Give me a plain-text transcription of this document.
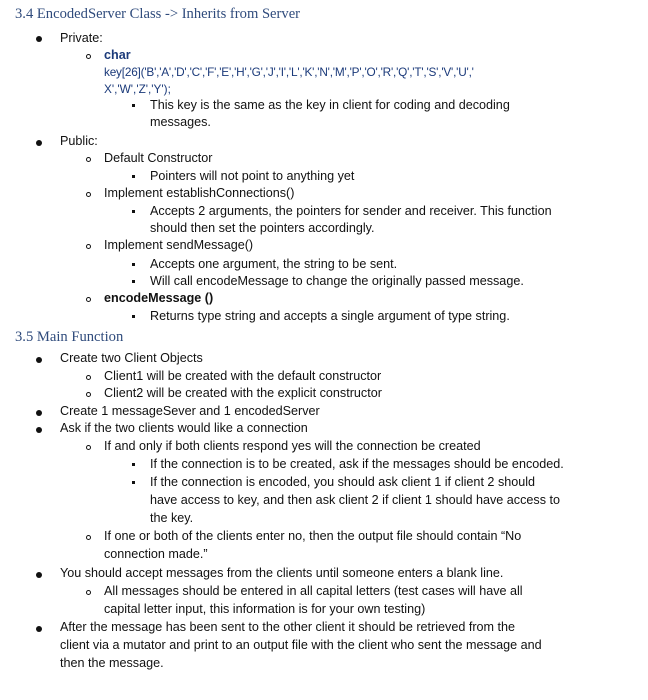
3.4 EncodedServer Class -> Inherits from Server
Private:
char
key[26]('B','A','D','C','F','E','H','G','J','I','L','K','N','M','P','O','R','Q','T','S','V','U','
X','W','Z','Y');
This key is the same as the key in client for coding and decoding
messages.
Public:
Default Constructor
Pointers will not point to anything yet
Implement establishConnections()
Accepts 2 arguments, the pointers for sender and receiver. This function
should then set the pointers accordingly.
Implement sendMessage()
Accepts one argument, the string to be sent.
Will call encodeMessage to change the originally passed message.
encodeMessage ()
Returns type string and accepts a single argument of type string.
3.5 Main Function
Create two Client Objects
Client1 will be created with the default constructor
Client2 will be created with the explicit constructor
Create 1 messageSever and 1 encodedServer
Ask if the two clients would like a connection
If and only if both clients respond yes will the connection be created
If the connection is to be created, ask if the messages should be encoded.
If the connection is encoded, you should ask client 1 if client 2 should
have access to key, and then ask client 2 if client 1 should have access to
the key.
If one or both of the clients enter no, then the output file should contain “No
connection made.”
You should accept messages from the clients until someone enters a blank line.
All messages should be entered in all capital letters (test cases will have all
capital letter input, this information is for your own testing)
After the message has been sent to the other client it should be retrieved from the
client via a mutator and print to an output file with the client who sent the message and
then the message.
